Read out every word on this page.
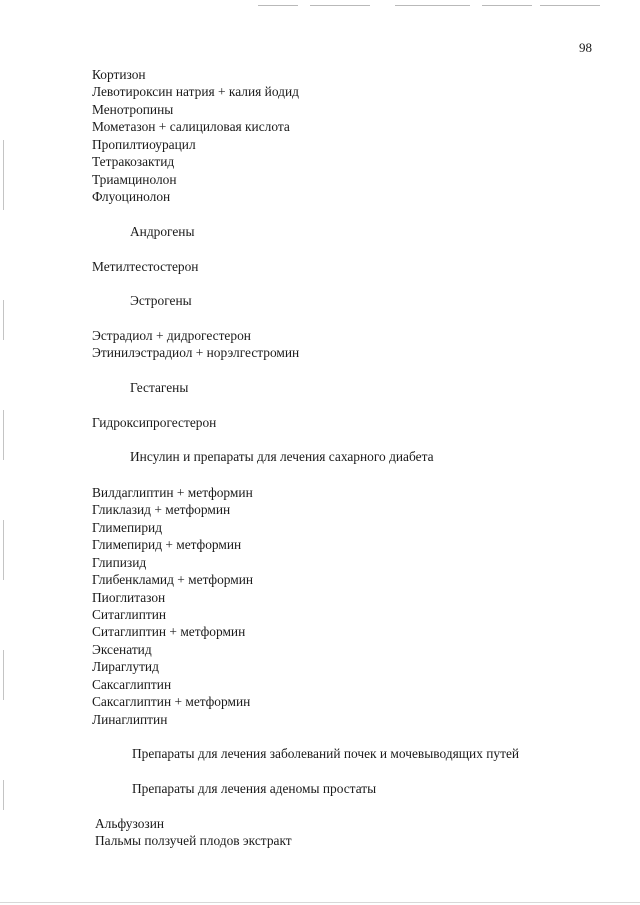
98
Кортизон
Левотироксин натрия + калия йодид
Менотропины
Мометазон + салициловая кислота
Пропилтиоурацил
Тетракозактид
Триамцинолон
Флуоцинолон
Андрогены
Метилтестостерон
Эстрогены
Эстрадиол + дидрогестерон
Этинилэстрадиол + норэлгестромин
Гестагены
Гидроксипрогестерон
Инсулин и препараты для лечения сахарного диабета
Вилдаглиптин + метформин
Гликлазид + метформин
Глимепирид
Глимепирид + метформин
Глипизид
Глибенкламид + метформин
Пиоглитазон
Ситаглиптин
Ситаглиптин + метформин
Эксенатид
Лираглутид
Саксаглиптин
Саксаглиптин + метформин
Линаглиптин
Препараты для лечения заболеваний почек и мочевыводящих путей
Препараты для лечения аденомы простаты
Альфузозин
Пальмы ползучей плодов экстракт
